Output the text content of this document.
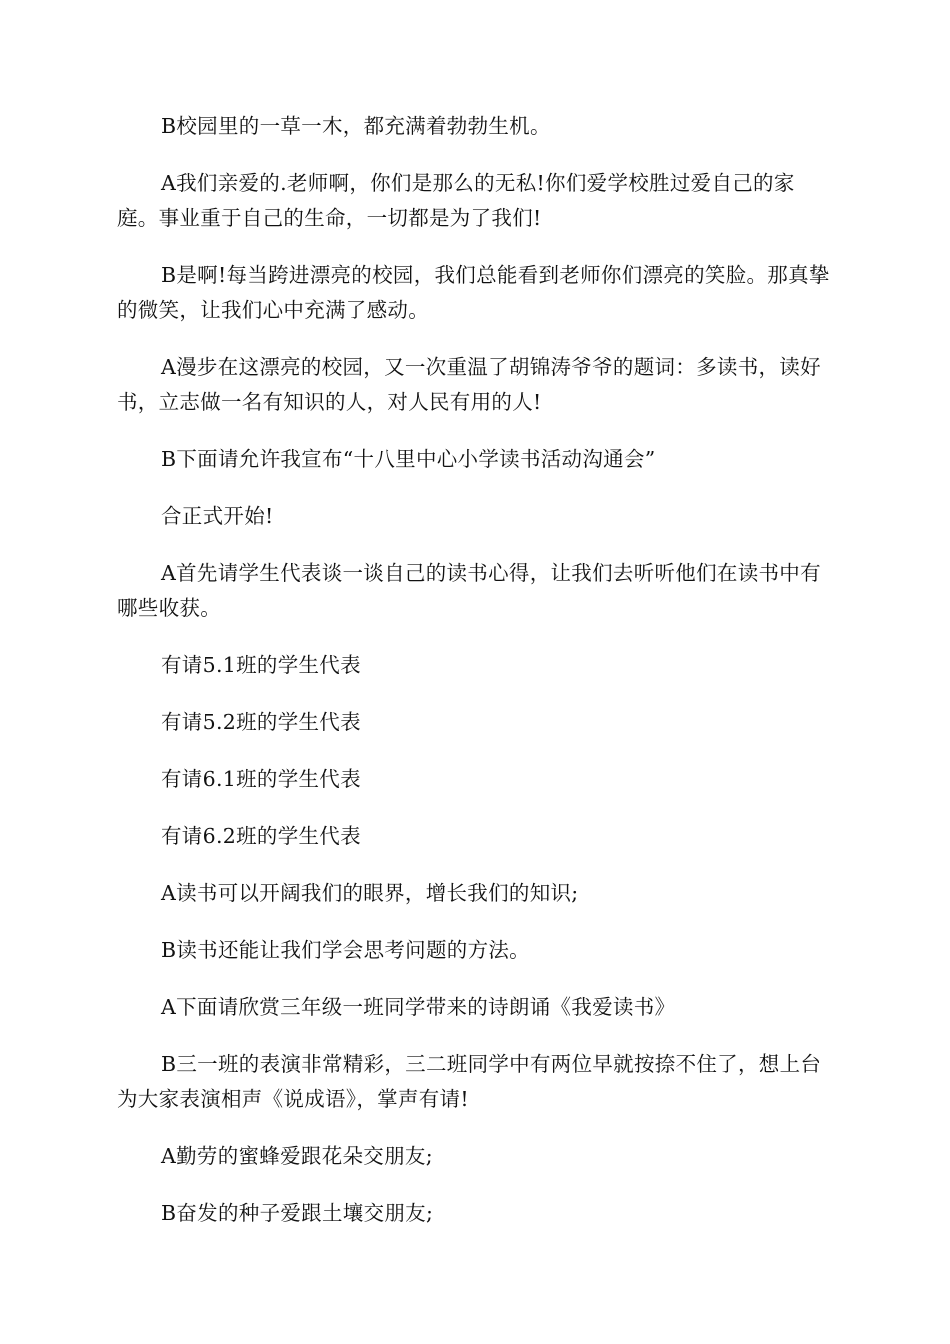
B校园里的一草一木，都充满着勃勃生机。

A我们亲爱的.老师啊，你们是那么的无私!你们爱学校胜过爱自己的家庭。事业重于自己的生命，一切都是为了我们!

B是啊!每当跨进漂亮的校园，我们总能看到老师你们漂亮的笑脸。那真挚的微笑，让我们心中充满了感动。

A漫步在这漂亮的校园，又一次重温了胡锦涛爷爷的题词：多读书，读好书，立志做一名有知识的人，对人民有用的人!

B下面请允许我宣布“十八里中心小学读书活动沟通会”

合正式开始!

A首先请学生代表谈一谈自己的读书心得，让我们去听听他们在读书中有哪些收获。

有请5.1班的学生代表

有请5.2班的学生代表

有请6.1班的学生代表

有请6.2班的学生代表

A读书可以开阔我们的眼界，增长我们的知识;

B读书还能让我们学会思考问题的方法。

A下面请欣赏三年级一班同学带来的诗朗诵《我爱读书》

B三一班的表演非常精彩，三二班同学中有两位早就按捺不住了，想上台为大家表演相声《说成语》，掌声有请!

A勤劳的蜜蜂爱跟花朵交朋友;

B奋发的种子爱跟土壤交朋友;
